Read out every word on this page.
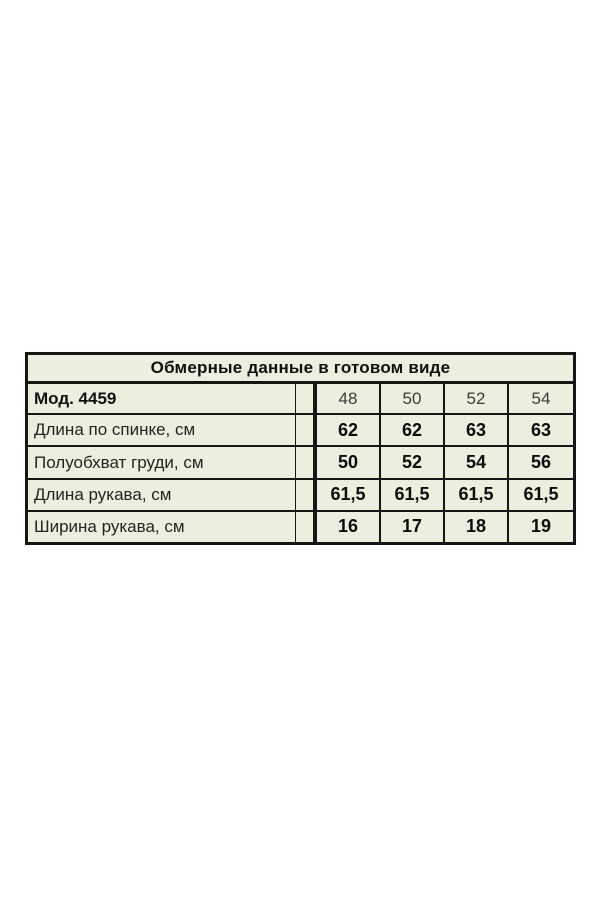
Обмерные данные в готовом виде
Мод. 4459	48	50	52	54
Длина по спинке, см	62	62	63	63
Полуобхват груди, см	50	52	54	56
Длина рукава, см	61,5	61,5	61,5	61,5
Ширина рукава, см	16	17	18	19
